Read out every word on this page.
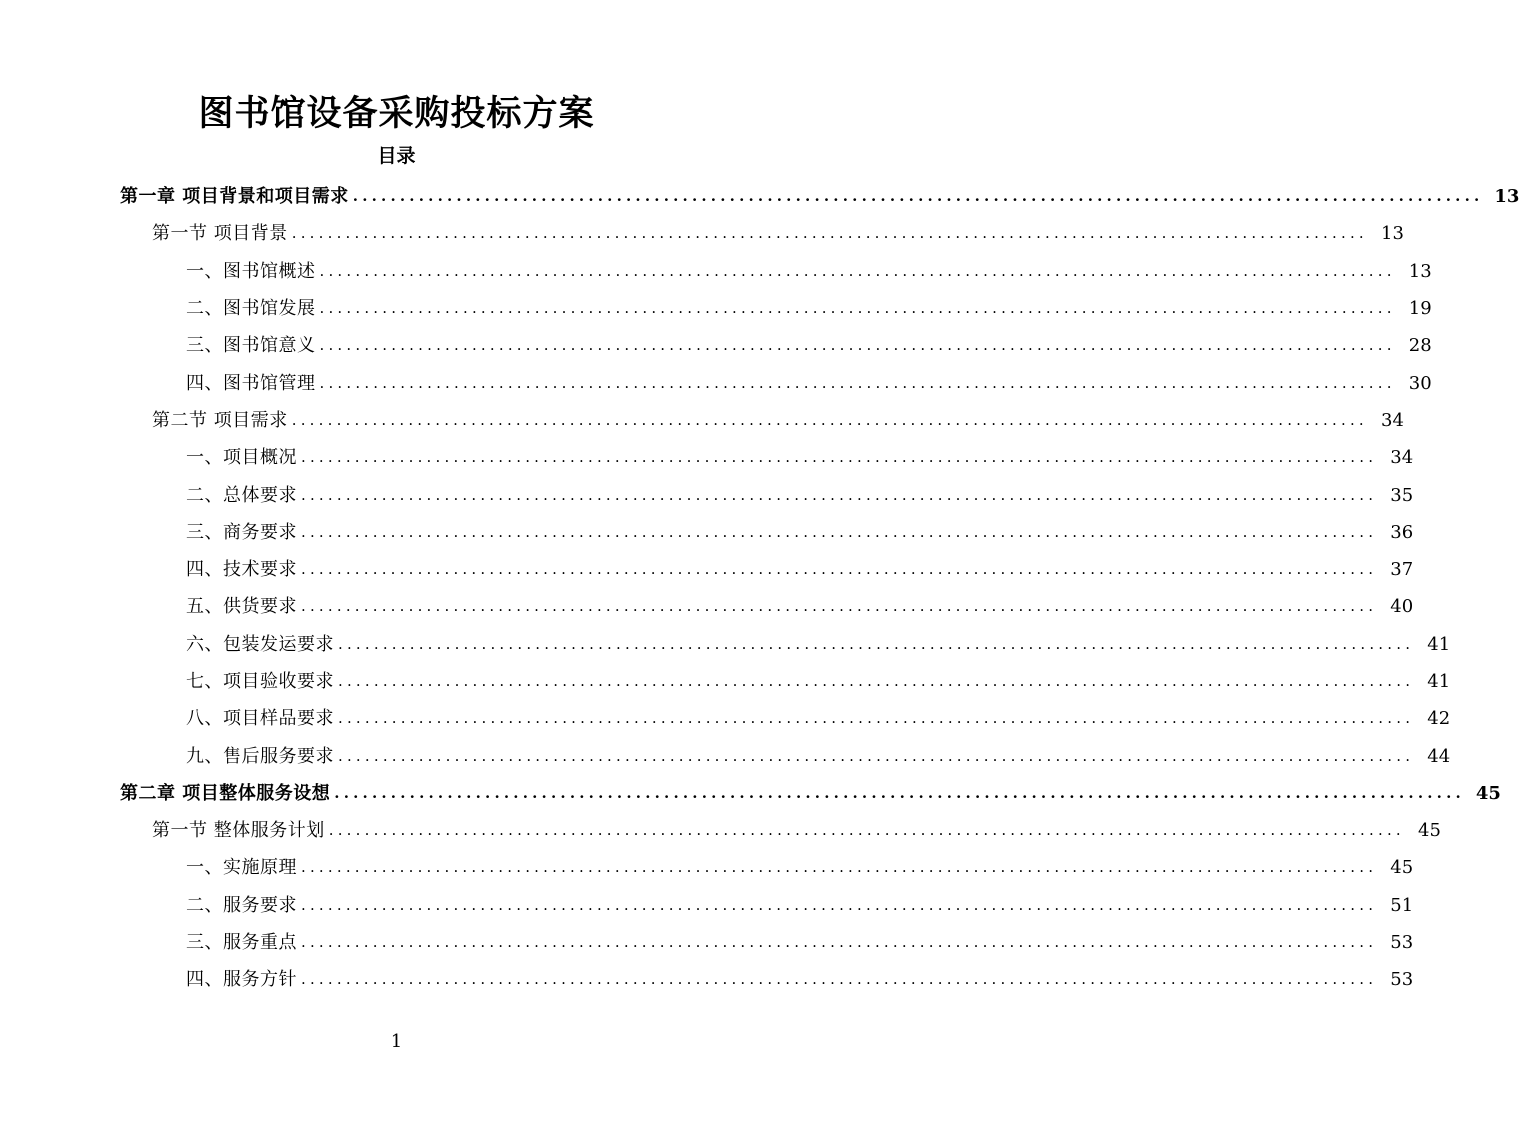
图书馆设备采购投标方案
目录
第一章 项目背景和项目需求 ........................................................................................................................ 13
第一节 项目背景 ........................................................................................................................ 13
一、图书馆概述 ........................................................................................................................ 13
二、图书馆发展 ........................................................................................................................ 19
三、图书馆意义 ........................................................................................................................ 28
四、图书馆管理 ........................................................................................................................ 30
第二节 项目需求 ........................................................................................................................ 34
一、项目概况 ........................................................................................................................ 34
二、总体要求 ........................................................................................................................ 35
三、商务要求 ........................................................................................................................ 36
四、技术要求 ........................................................................................................................ 37
五、供货要求 ........................................................................................................................ 40
六、包装发运要求 ........................................................................................................................ 41
七、项目验收要求 ........................................................................................................................ 41
八、项目样品要求 ........................................................................................................................ 42
九、售后服务要求 ........................................................................................................................ 44
第二章 项目整体服务设想 ........................................................................................................................ 45
第一节 整体服务计划 ........................................................................................................................ 45
一、实施原理 ........................................................................................................................ 45
二、服务要求 ........................................................................................................................ 51
三、服务重点 ........................................................................................................................ 53
四、服务方针 ........................................................................................................................ 53
1
